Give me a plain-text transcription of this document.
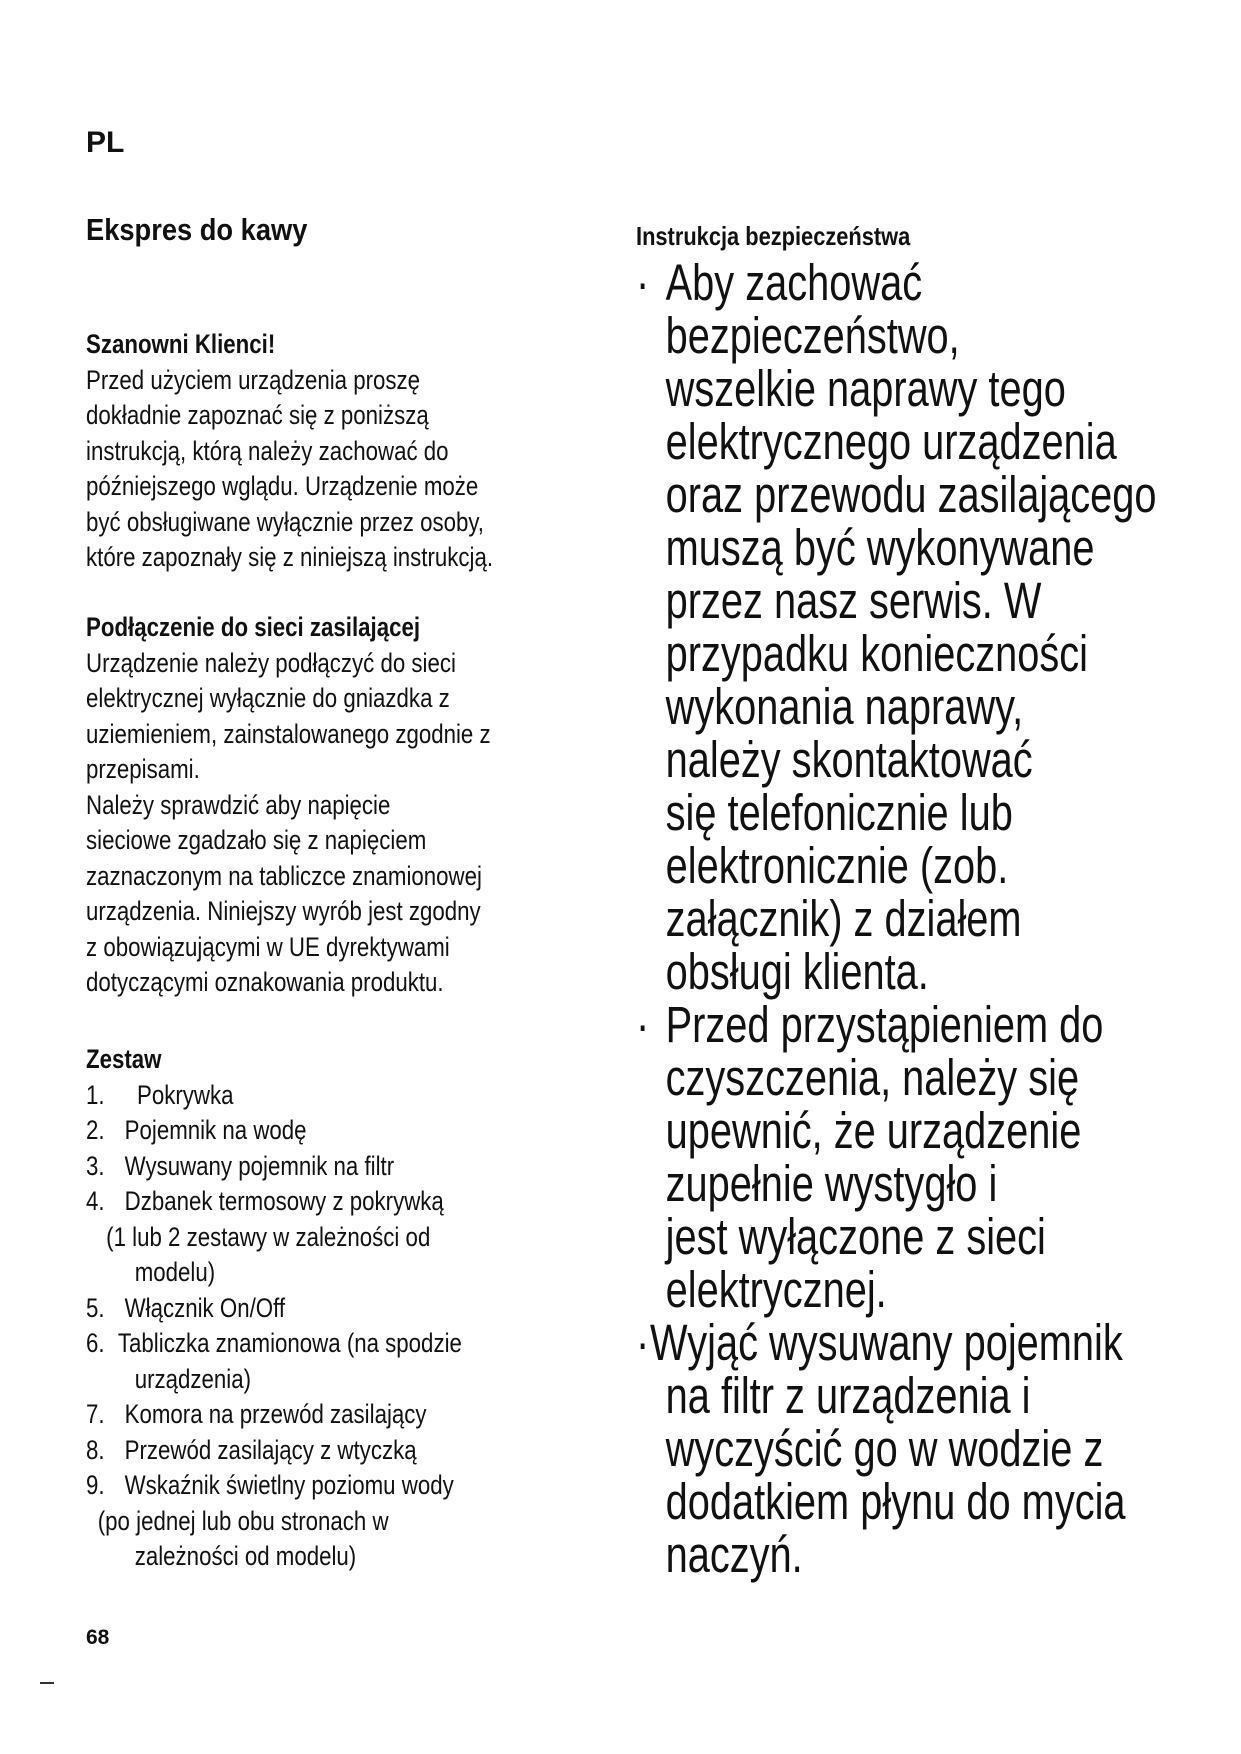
PL
Ekspres do kawy
Szanowni Klienci!

Przed użyciem urządzenia proszę

dokładnie zapoznać się z poniższą

instrukcją, którą należy zachować do

późniejszego wglądu. Urządzenie może

być obsługiwane wyłącznie przez osoby,

które zapoznały się z niniejszą instrukcją.

Podłączenie do sieci zasilającej

Urządzenie należy podłączyć do sieci

elektrycznej wyłącznie do gniazdka z

uziemieniem, zainstalowanego zgodnie z

przepisami.

Należy sprawdzić aby napięcie

sieciowe zgadzało się z napięciem

zaznaczonym na tabliczce znamionowej

urządzenia. Niniejszy wyrób jest zgodny

z obowiązującymi w UE dyrektywami

dotyczącymi oznakowania produktu.

Zestaw
1. Pokrywka
2. Pojemnik na wodę
3. Wysuwany pojemnik na filtr
4. Dzbanek termosowy z pokrywką
(1 lub 2 zestawy w zależności od
modelu)
5. Włącznik On/Off
6. Tabliczka znamionowa (na spodzie
urządzenia)
7. Komora na przewód zasilający
8. Przewód zasilający z wtyczką
9. Wskaźnik świetlny poziomu wody
(po jednej lub obu stronach w
zależności od modelu)
68
Instrukcja bezpieczeństwa
· Aby zachować
bezpieczeństwo,
wszelkie naprawy tego
elektrycznego urządzenia
oraz przewodu zasilającego
muszą być wykonywane
przez nasz serwis. W
przypadku konieczności
wykonania naprawy,
należy skontaktować
się telefonicznie lub
elektronicznie (zob.
załącznik) z działem
obsługi klienta.
· Przed przystąpieniem do
czyszczenia, należy się
upewnić, że urządzenie
zupełnie wystygło i
jest wyłączone z sieci
elektrycznej.
·Wyjąć wysuwany pojemnik
na filtr z urządzenia i
wyczyścić go w wodzie z
dodatkiem płynu do mycia
naczyń.
